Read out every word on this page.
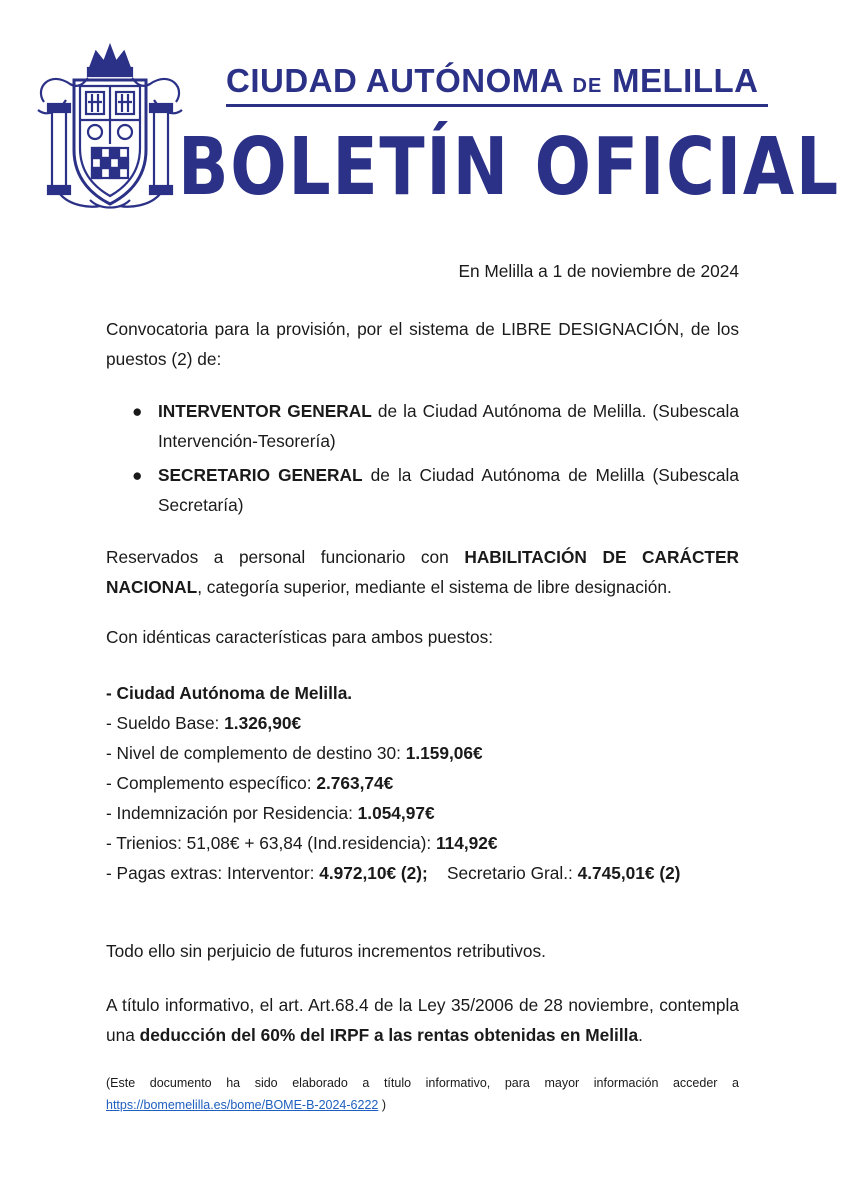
CIUDAD AUTÓNOMA DE MELILLA
BOLETÍN OFICIAL

En Melilla a 1 de noviembre de 2024

Convocatoria para la provisión, por el sistema de LIBRE DESIGNACIÓN, de los puestos (2) de:

● INTERVENTOR GENERAL de la Ciudad Autónoma de Melilla. (Subescala Intervención-Tesorería)
● SECRETARIO GENERAL de la Ciudad Autónoma de Melilla (Subescala Secretaría)

Reservados a personal funcionario con HABILITACIÓN DE CARÁCTER NACIONAL, categoría superior, mediante el sistema de libre designación.

Con idénticas características para ambos puestos:

- Ciudad Autónoma de Melilla.
- Sueldo Base: 1.326,90€
- Nivel de complemento de destino 30: 1.159,06€
- Complemento específico: 2.763,74€
- Indemnización por Residencia: 1.054,97€
- Trienios: 51,08€ + 63,84 (Ind.residencia): 114,92€
- Pagas extras: Interventor: 4.972,10€ (2); Secretario Gral.: 4.745,01€ (2)

Todo ello sin perjuicio de futuros incrementos retributivos.

A título informativo, el art. Art.68.4 de la Ley 35/2006 de 28 noviembre, contempla una deducción del 60% del IRPF a las rentas obtenidas en Melilla.

(Este documento ha sido elaborado a título informativo, para mayor información acceder a https://bomemelilla.es/bome/BOME-B-2024-6222 )
